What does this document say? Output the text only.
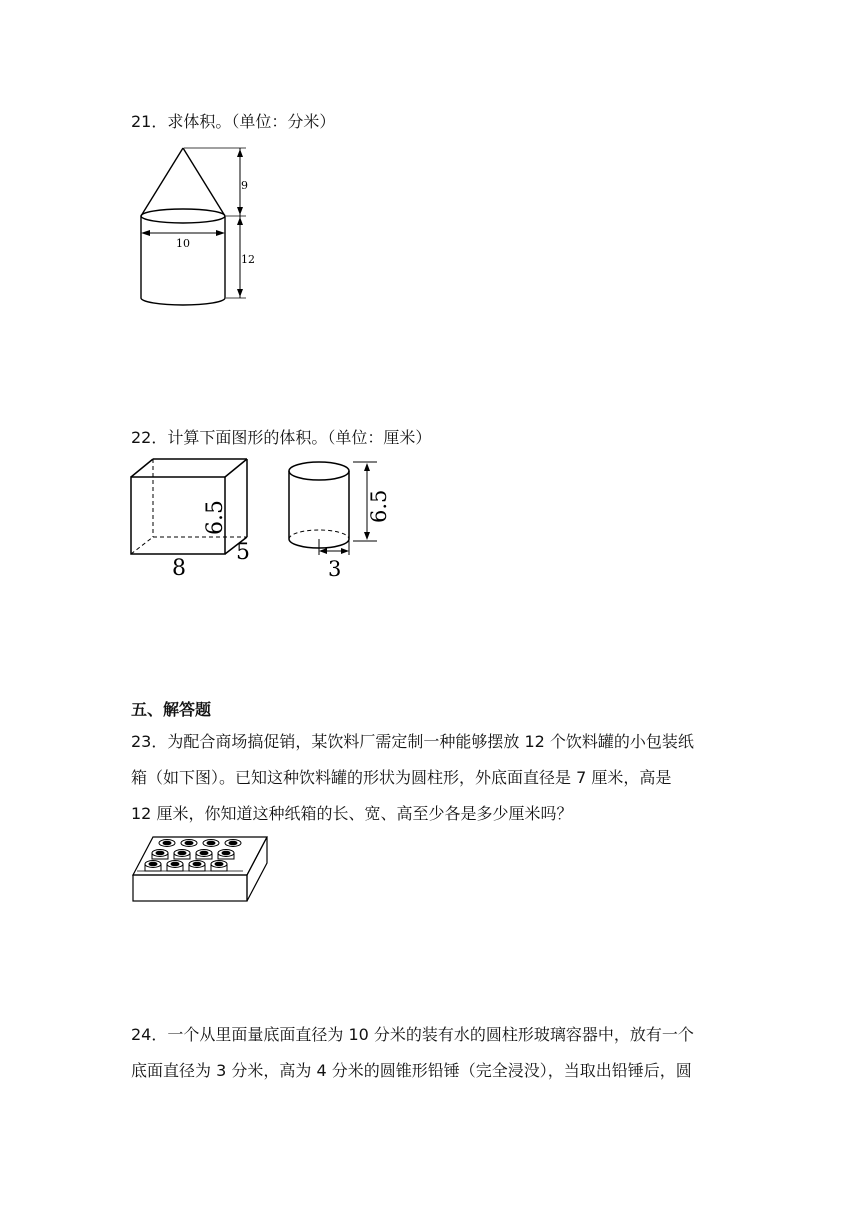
21．求体积。（单位：分米）
9
10
12
22．计算下面图形的体积。（单位：厘米）
6.5
8
5
6.5
3
五、解答题
23．为配合商场搞促销，某饮料厂需定制一种能够摆放 12 个饮料罐的小包装纸
箱（如下图）。已知这种饮料罐的形状为圆柱形，外底面直径是 7 厘米，高是
12 厘米，你知道这种纸箱的长、宽、高至少各是多少厘米吗？
24．一个从里面量底面直径为 10 分米的装有水的圆柱形玻璃容器中，放有一个
底面直径为 3 分米，高为 4 分米的圆锥形铅锤（完全浸没），当取出铅锤后，圆
